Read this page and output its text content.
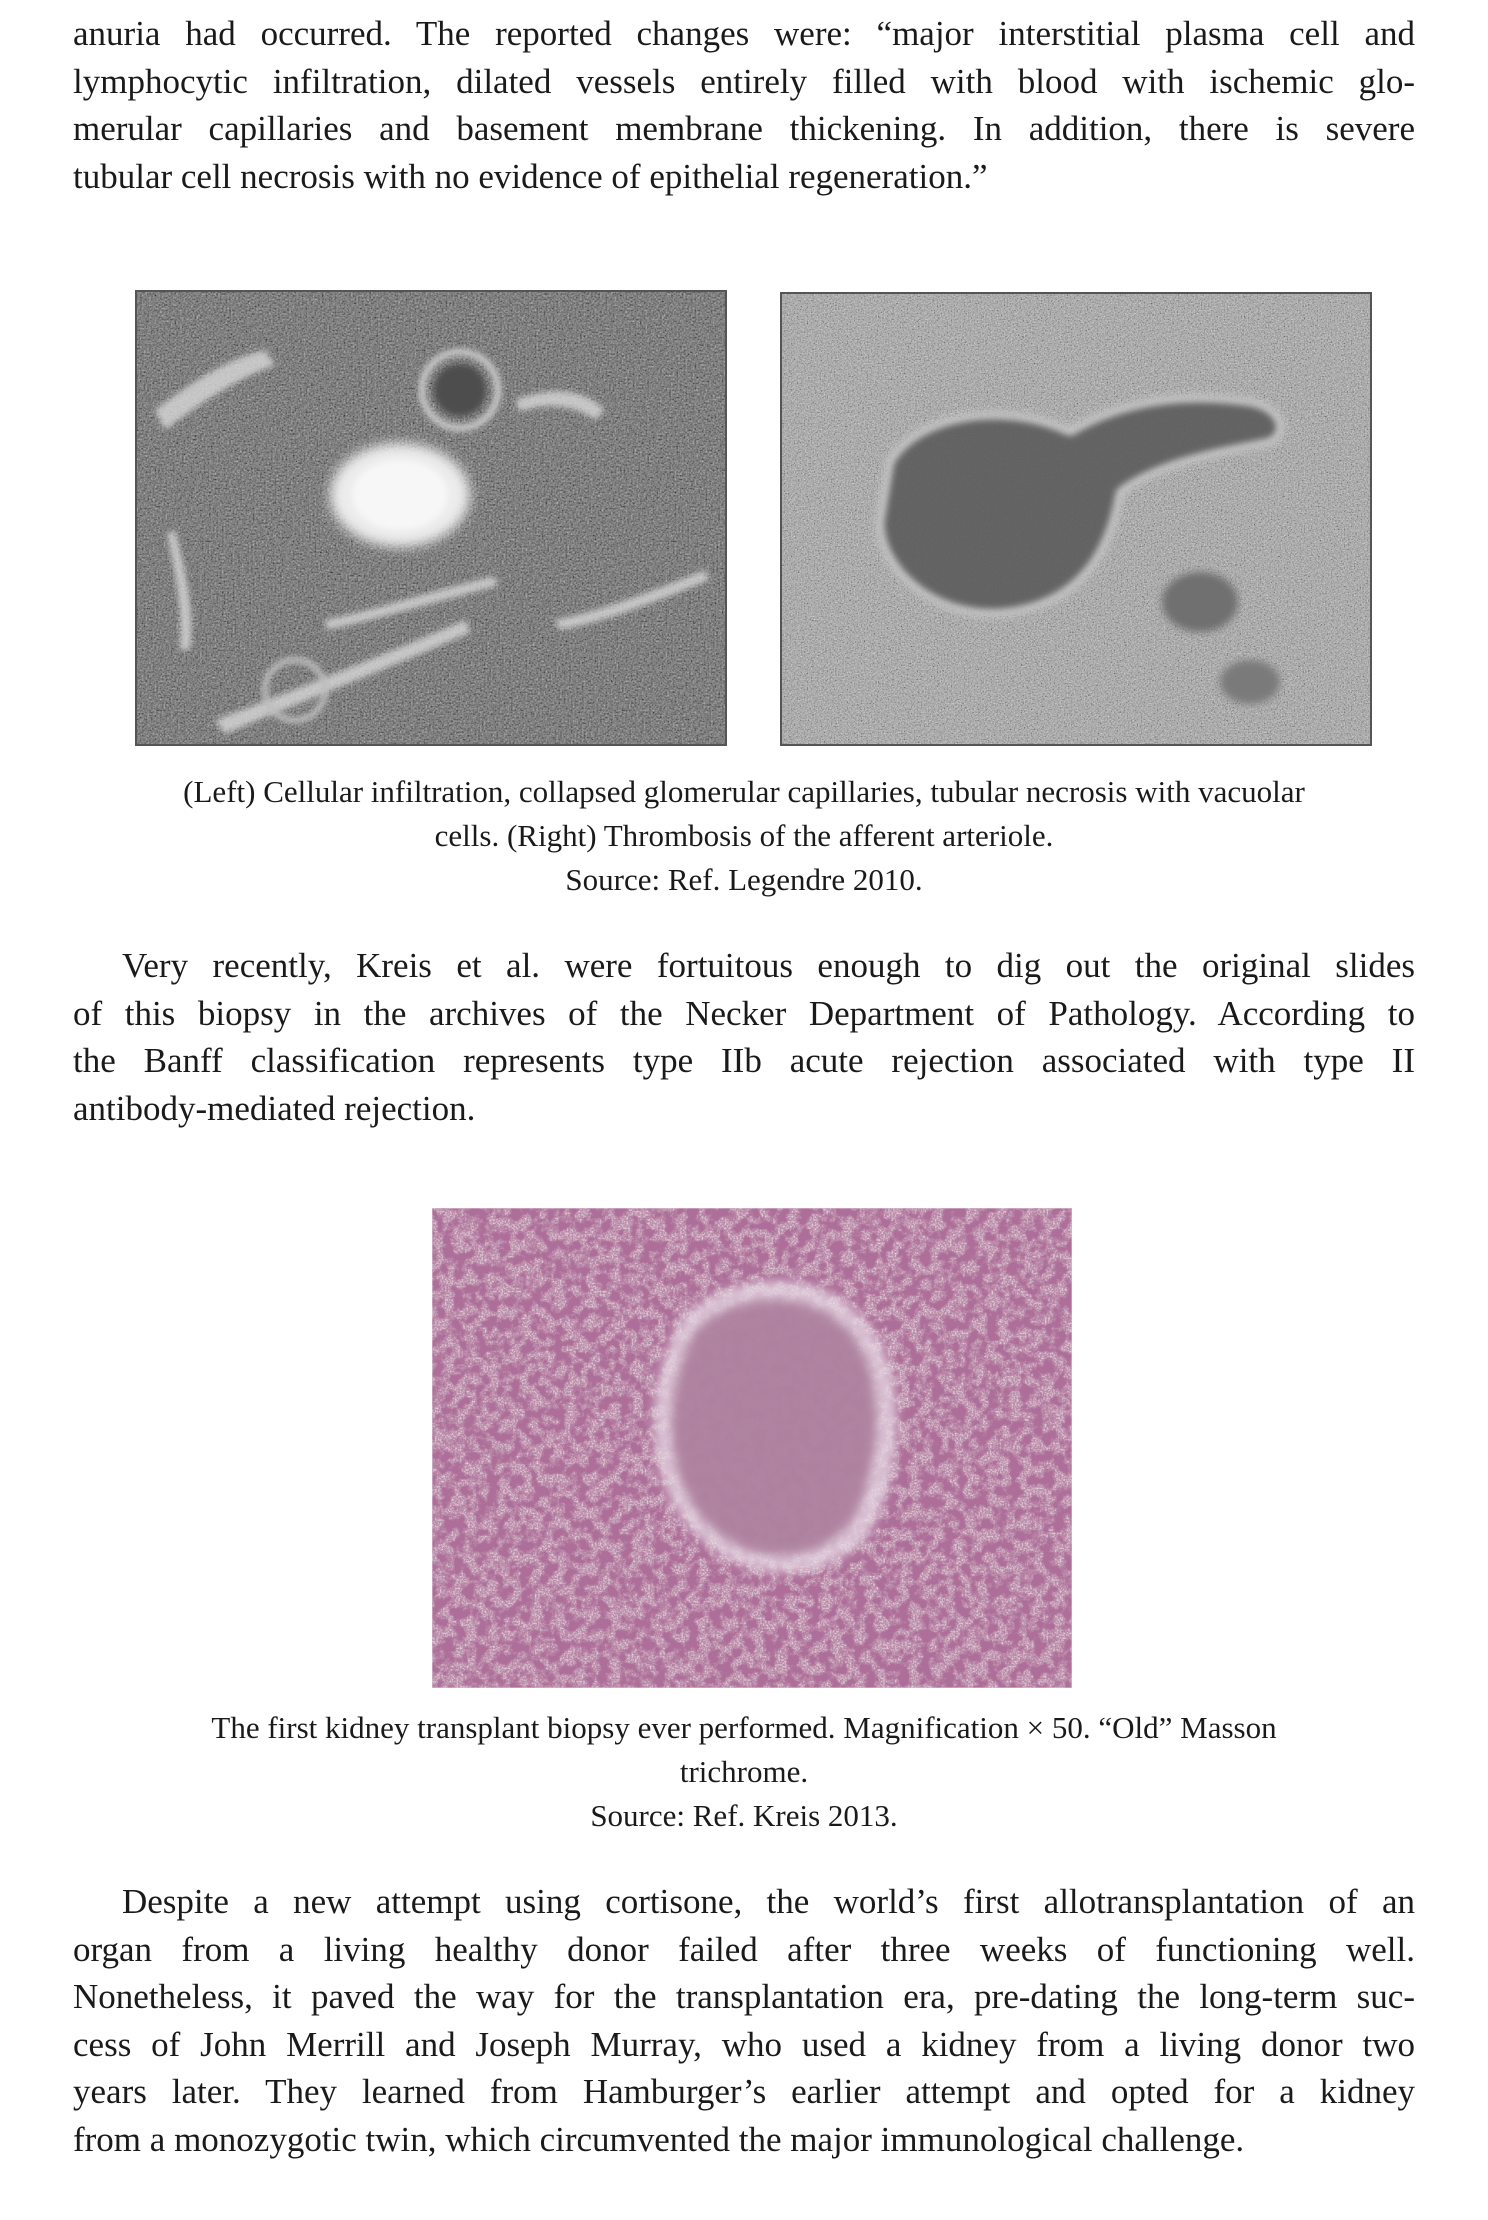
anuria had occurred. The reported changes were: “major interstitial plasma cell and
lymphocytic infiltration, dilated vessels entirely filled with blood with ischemic glo-
merular capillaries and basement membrane thickening. In addition, there is severe
tubular cell necrosis with no evidence of epithelial regeneration.”

(Left) Cellular infiltration, collapsed glomerular capillaries, tubular necrosis with vacuolar
cells. (Right) Thrombosis of the afferent arteriole.
Source: Ref. Legendre 2010.

Very recently, Kreis et al. were fortuitous enough to dig out the original slides
of this biopsy in the archives of the Necker Department of Pathology. According to
the Banff classification represents type IIb acute rejection associated with type II
antibody-mediated rejection.

The first kidney transplant biopsy ever performed. Magnification × 50. “Old” Masson
trichrome.
Source: Ref. Kreis 2013.

Despite a new attempt using cortisone, the world’s first allotransplantation of an
organ from a living healthy donor failed after three weeks of functioning well.
Nonetheless, it paved the way for the transplantation era, pre-dating the long-term suc-
cess of John Merrill and Joseph Murray, who used a kidney from a living donor two
years later. They learned from Hamburger’s earlier attempt and opted for a kidney
from a monozygotic twin, which circumvented the major immunological challenge.
